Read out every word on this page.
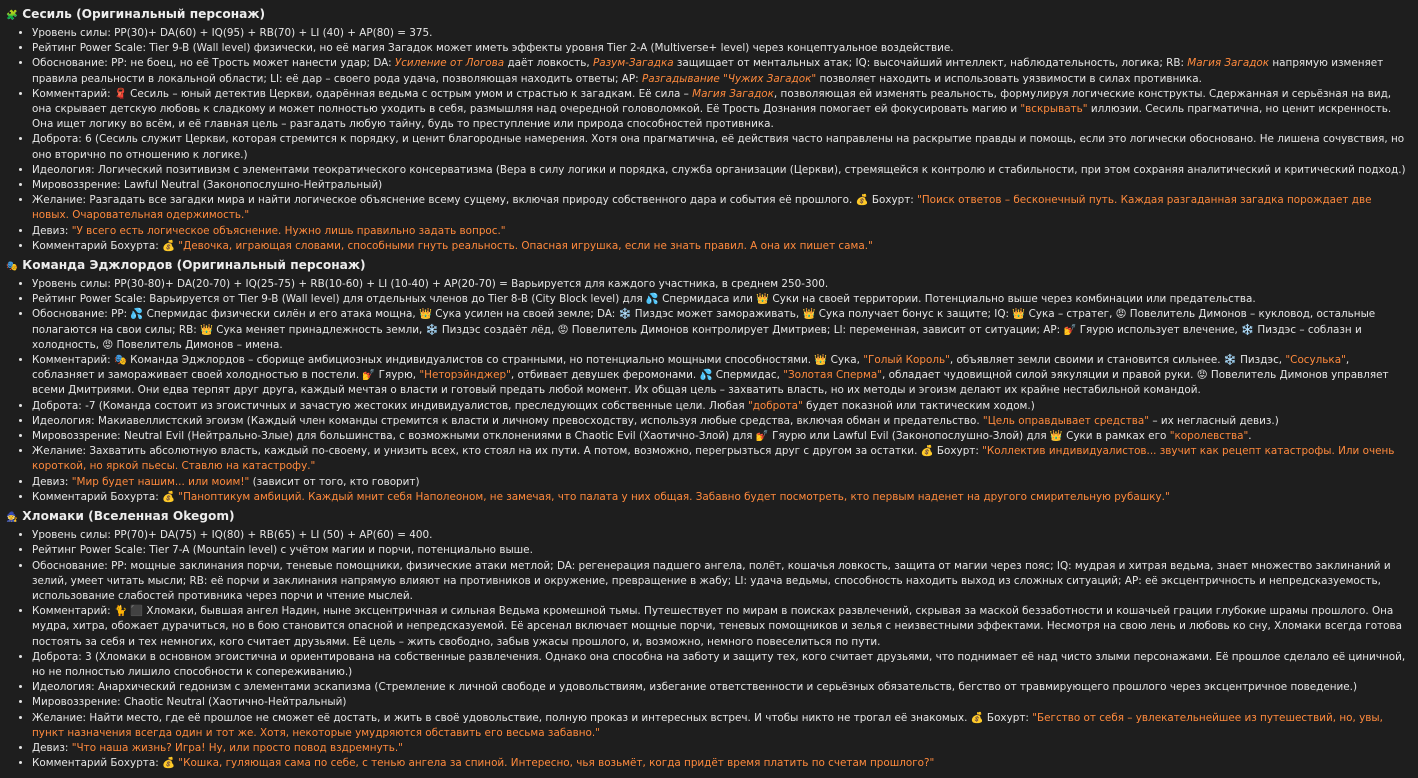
🧩 Сесиль (Оригинальный персонаж)
• Уровень силы: PP(30)+ DA(60) + IQ(95) + RB(70) + LI (40) + AP(80) = 375.
• Рейтинг Power Scale: Tier 9-B (Wall level) физически, но её магия Загадок может иметь эффекты уровня Tier 2-A (Multiverse+ level) через концептуальное воздействие.
• Обоснование: PP: не боец, но её Трость может нанести удар; DA: Усиление от Логова даёт ловкость, Разум-Загадка защищает от ментальных атак; IQ: высочайший интеллект, наблюдательность, логика; RB: Магия Загадок напрямую изменяет правила реальности в локальной области; LI: её дар – своего рода удача, позволяющая находить ответы; AP: Разгадывание "Чужих Загадок" позволяет находить и использовать уязвимости в силах противника.
• Комментарий: 🧣 Сесиль – юный детектив Церкви, одарённая ведьма с острым умом и страстью к загадкам. Её сила – Магия Загадок, позволяющая ей изменять реальность, формулируя логические конструкты. Сдержанная и серьёзная на вид, она скрывает детскую любовь к сладкому и может полностью уходить в себя, размышляя над очередной головоломкой. Её Трость Дознания помогает ей фокусировать магию и "вскрывать" иллюзии. Сесиль прагматична, но ценит искренность. Она ищет логику во всём, и её главная цель – разгадать любую тайну, будь то преступление или природа способностей противника.
• Доброта: 6 (Сесиль служит Церкви, которая стремится к порядку, и ценит благородные намерения. Хотя она прагматична, её действия часто направлены на раскрытие правды и помощь, если это логически обосновано. Не лишена сочувствия, но оно вторично по отношению к логике.)
• Идеология: Логический позитивизм с элементами теократического консерватизма (Вера в силу логики и порядка, служба организации (Церкви), стремящейся к контролю и стабильности, при этом сохраняя аналитический и критический подход.)
• Мировоззрение: Lawful Neutral (Законопослушно-Нейтральный)
• Желание: Разгадать все загадки мира и найти логическое объяснение всему сущему, включая природу собственного дара и события её прошлого. 💰 Бохурт: "Поиск ответов – бесконечный путь. Каждая разгаданная загадка порождает две новых. Очаровательная одержимость."
• Девиз: "У всего есть логическое объяснение. Нужно лишь правильно задать вопрос."
• Комментарий Бохурта: 💰 "Девочка, играющая словами, способными гнуть реальность. Опасная игрушка, если не знать правил. А она их пишет сама."
🎭 Команда Эджлордов (Оригинальный персонаж)
• Уровень силы: PP(30-80)+ DA(20-70) + IQ(25-75) + RB(10-60) + LI (10-40) + AP(20-70) = Варьируется для каждого участника, в среднем 250-300.
• Рейтинг Power Scale: Варьируется от Tier 9-B (Wall level) для отдельных членов до Tier 8-B (City Block level) для 💦 Спермидаса или 👑 Суки на своей территории. Потенциально выше через комбинации или предательства.
• Обоснование: PP: 💦 Спермидас физически силён и его атака мощна, 👑 Сука усилен на своей земле; DA: ❄️ Пиздэс может замораживать, 👑 Сука получает бонус к защите; IQ: 👑 Сука – стратег, 😡 Повелитель Димонов – кукловод, остальные полагаются на свои силы; RB: 👑 Сука меняет принадлежность земли, ❄️ Пиздэс создаёт лёд, 😡 Повелитель Димонов контролирует Дмитриев; LI: переменная, зависит от ситуации; AP: 💅 Гяурю использует влечение, ❄️ Пиздэс – соблазн и холодность, 😡 Повелитель Димонов – имена.
• Комментарий: 🎭 Команда Эджлордов – сборище амбициозных индивидуалистов со странными, но потенциально мощными способностями. 👑 Сука, "Голый Король", объявляет земли своими и становится сильнее. ❄️ Пиздэс, "Сосулька", соблазняет и замораживает своей холодностью в постели. 💅 Гяурю, "Неторэйнджер", отбивает девушек феромонами. 💦 Спермидас, "Золотая Сперма", обладает чудовищной силой эякуляции и правой руки. 😡 Повелитель Димонов управляет всеми Дмитриями. Они едва терпят друг друга, каждый мечтая о власти и готовый предать любой момент. Их общая цель – захватить власть, но их методы и эгоизм делают их крайне нестабильной командой.
• Доброта: -7 (Команда состоит из эгоистичных и зачастую жестоких индивидуалистов, преследующих собственные цели. Любая "доброта" будет показной или тактическим ходом.)
• Идеология: Макиавеллистский эгоизм (Каждый член команды стремится к власти и личному превосходству, используя любые средства, включая обман и предательство. "Цель оправдывает средства" – их негласный девиз.)
• Мировоззрение: Neutral Evil (Нейтрально-Злые) для большинства, с возможными отклонениями в Chaotic Evil (Хаотично-Злой) для 💅 Гяурю или Lawful Evil (Законопослушно-Злой) для 👑 Суки в рамках его "королевства".
• Желание: Захватить абсолютную власть, каждый по-своему, и унизить всех, кто стоял на их пути. А потом, возможно, перегрызться друг с другом за остатки. 💰 Бохурт: "Коллектив индивидуалистов... звучит как рецепт катастрофы. Или очень короткой, но яркой пьесы. Ставлю на катастрофу."
• Девиз: "Мир будет нашим... или моим!" (зависит от того, кто говорит)
• Комментарий Бохурта: 💰 "Паноптикум амбиций. Каждый мнит себя Наполеоном, не замечая, что палата у них общая. Забавно будет посмотреть, кто первым наденет на другого смирительную рубашку."
🧙 Хломаки (Вселенная Okegom)
• Уровень силы: PP(70)+ DA(75) + IQ(80) + RB(65) + LI (50) + AP(60) = 400.
• Рейтинг Power Scale: Tier 7-A (Mountain level) с учётом магии и порчи, потенциально выше.
• Обоснование: PP: мощные заклинания порчи, теневые помощники, физические атаки метлой; DA: регенерация падшего ангела, полёт, кошачья ловкость, защита от магии через пояс; IQ: мудрая и хитрая ведьма, знает множество заклинаний и зелий, умеет читать мысли; RB: её порчи и заклинания напрямую влияют на противников и окружение, превращение в жабу; LI: удача ведьмы, способность находить выход из сложных ситуаций; AP: её эксцентричность и непредсказуемость, использование слабостей противника через порчи и чтение мыслей.
• Комментарий: 🐈 ⬛ Хломаки, бывшая ангел Надин, ныне эксцентричная и сильная Ведьма кромешной тьмы. Путешествует по мирам в поисках развлечений, скрывая за маской беззаботности и кошачьей грации глубокие шрамы прошлого. Она мудра, хитра, обожает дурачиться, но в бою становится опасной и непредсказуемой. Её арсенал включает мощные порчи, теневых помощников и зелья с неизвестными эффектами. Несмотря на свою лень и любовь ко сну, Хломаки всегда готова постоять за себя и тех немногих, кого считает друзьями. Её цель – жить свободно, забыв ужасы прошлого, и, возможно, немного повеселиться по пути.
• Доброта: 3 (Хломаки в основном эгоистична и ориентирована на собственные развлечения. Однако она способна на заботу и защиту тех, кого считает друзьями, что поднимает её над чисто злыми персонажами. Её прошлое сделало её циничной, но не полностью лишило способности к сопереживанию.)
• Идеология: Анархический гедонизм с элементами эскапизма (Стремление к личной свободе и удовольствиям, избегание ответственности и серьёзных обязательств, бегство от травмирующего прошлого через эксцентричное поведение.)
• Мировоззрение: Chaotic Neutral (Хаотично-Нейтральный)
• Желание: Найти место, где её прошлое не сможет её достать, и жить в своё удовольствие, полную проказ и интересных встреч. И чтобы никто не трогал её знакомых. 💰 Бохурт: "Бегство от себя – увлекательнейшее из путешествий, но, увы, пункт назначения всегда один и тот же. Хотя, некоторые умудряются обставить его весьма забавно."
• Девиз: "Что наша жизнь? Игра! Ну, или просто повод вздремнуть."
• Комментарий Бохурта: 💰 "Кошка, гуляющая сама по себе, с тенью ангела за спиной. Интересно, чья возьмёт, когда придёт время платить по счетам прошлого?"
